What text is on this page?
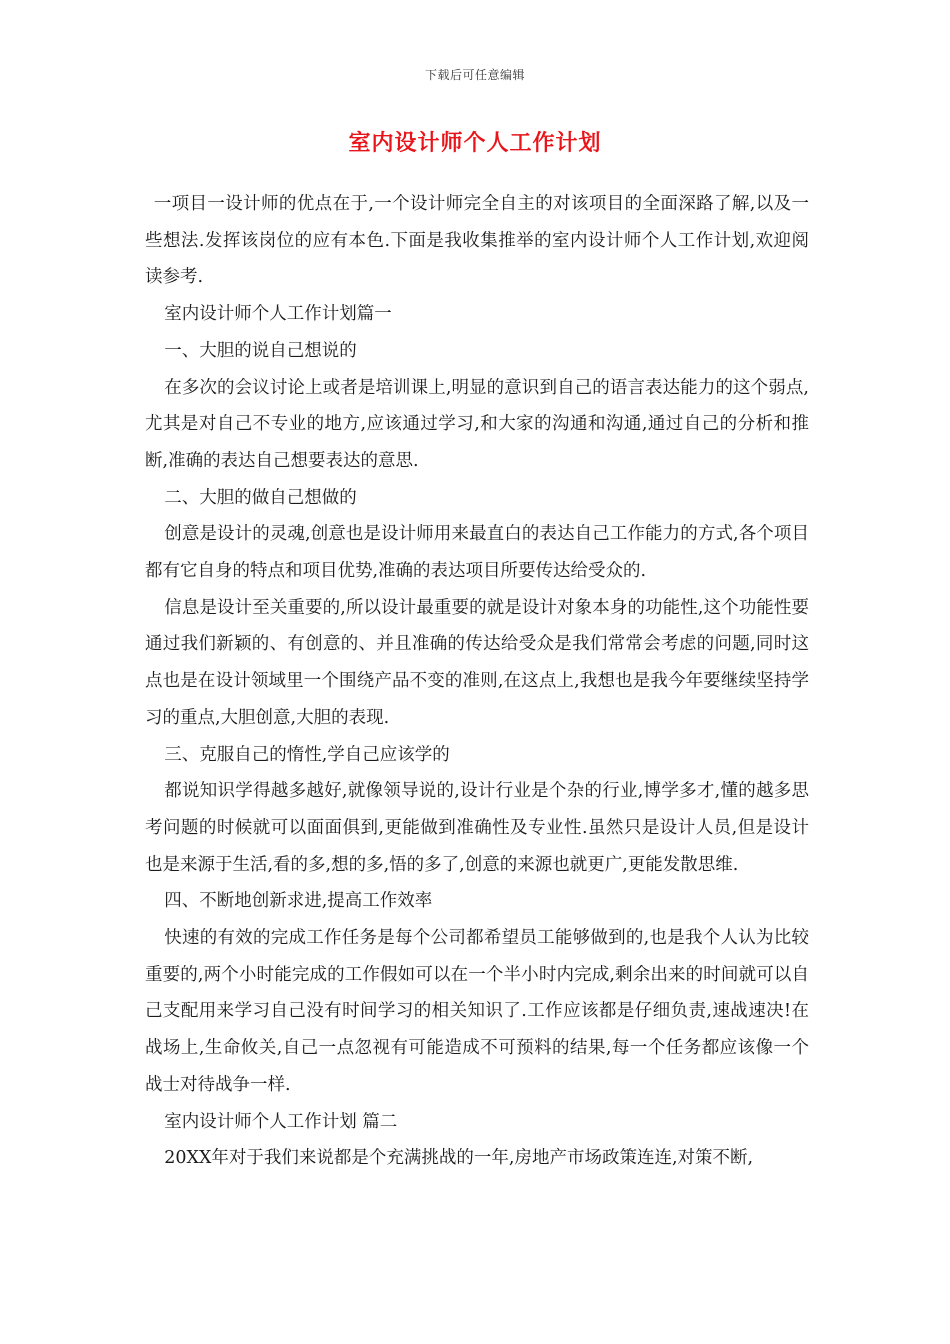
下载后可任意编辑
室内设计师个人工作计划

一项目一设计师的优点在于,一个设计师完全自主的对该项目的全面深路了解,以及一些想法.发挥该岗位的应有本色.下面是我收集推举的室内设计师个人工作计划,欢迎阅读参考.

室内设计师个人工作计划篇一

一、大胆的说自己想说的

在多次的会议讨论上或者是培训课上,明显的意识到自己的语言表达能力的这个弱点,尤其是对自己不专业的地方,应该通过学习,和大家的沟通和沟通,通过自己的分析和推断,准确的表达自己想要表达的意思.

二、大胆的做自己想做的

创意是设计的灵魂,创意也是设计师用来最直白的表达自己工作能力的方式,各个项目都有它自身的特点和项目优势,准确的表达项目所要传达给受众的.

信息是设计至关重要的,所以设计最重要的就是设计对象本身的功能性,这个功能性要通过我们新颖的、有创意的、并且准确的传达给受众是我们常常会考虑的问题,同时这点也是在设计领域里一个围绕产品不变的准则,在这点上,我想也是我今年要继续坚持学习的重点,大胆创意,大胆的表现.

三、克服自己的惰性,学自己应该学的

都说知识学得越多越好,就像领导说的,设计行业是个杂的行业,博学多才,懂的越多思考问题的时候就可以面面俱到,更能做到准确性及专业性.虽然只是设计人员,但是设计也是来源于生活,看的多,想的多,悟的多了,创意的来源也就更广,更能发散思维.

四、不断地创新求进,提高工作效率

快速的有效的完成工作任务是每个公司都希望员工能够做到的,也是我个人认为比较重要的,两个小时能完成的工作假如可以在一个半小时内完成,剩余出来的时间就可以自己支配用来学习自己没有时间学习的相关知识了.工作应该都是仔细负责,速战速决!在战场上,生命攸关,自己一点忽视有可能造成不可预料的结果,每一个任务都应该像一个战士对待战争一样.

室内设计师个人工作计划 篇二

20XX年对于我们来说都是个充满挑战的一年,房地产市场政策连连,对策不断,
